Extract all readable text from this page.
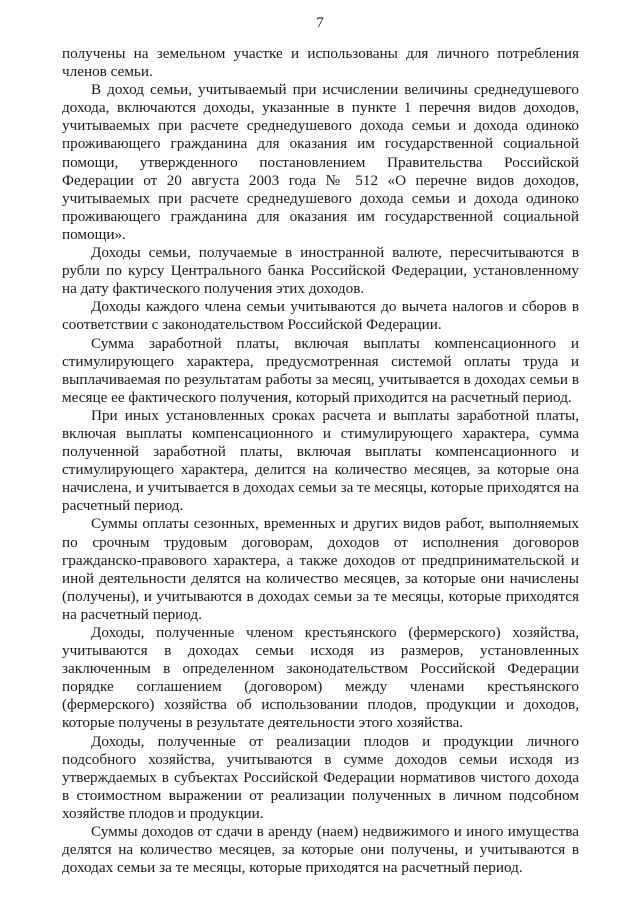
7

получены на земельном участке и использованы для личного потребления членов семьи.

В доход семьи, учитываемый при исчислении величины среднедушевого дохода, включаются доходы, указанные в пункте 1 перечня видов доходов, учитываемых при расчете среднедушевого дохода семьи и дохода одиноко проживающего гражданина для оказания им государственной социальной помощи, утвержденного постановлением Правительства Российской Федерации от 20 августа 2003 года № 512 «О перечне видов доходов, учитываемых при расчете среднедушевого дохода семьи и дохода одиноко проживающего гражданина для оказания им государственной социальной помощи».

Доходы семьи, получаемые в иностранной валюте, пересчитываются в рубли по курсу Центрального банка Российской Федерации, установленному на дату фактического получения этих доходов.

Доходы каждого члена семьи учитываются до вычета налогов и сборов в соответствии с законодательством Российской Федерации.

Сумма заработной платы, включая выплаты компенсационного и стимулирующего характера, предусмотренная системой оплаты труда и выплачиваемая по результатам работы за месяц, учитывается в доходах семьи в месяце ее фактического получения, который приходится на расчетный период.

При иных установленных сроках расчета и выплаты заработной платы, включая выплаты компенсационного и стимулирующего характера, сумма полученной заработной платы, включая выплаты компенсационного и стимулирующего характера, делится на количество месяцев, за которые она начислена, и учитывается в доходах семьи за те месяцы, которые приходятся на расчетный период.

Суммы оплаты сезонных, временных и других видов работ, выполняемых по срочным трудовым договорам, доходов от исполнения договоров гражданско-правового характера, а также доходов от предпринимательской и иной деятельности делятся на количество месяцев, за которые они начислены (получены), и учитываются в доходах семьи за те месяцы, которые приходятся на расчетный период.

Доходы, полученные членом крестьянского (фермерского) хозяйства, учитываются в доходах семьи исходя из размеров, установленных заключенным в определенном законодательством Российской Федерации порядке соглашением (договором) между членами крестьянского (фермерского) хозяйства об использовании плодов, продукции и доходов, которые получены в результате деятельности этого хозяйства.

Доходы, полученные от реализации плодов и продукции личного подсобного хозяйства, учитываются в сумме доходов семьи исходя из утверждаемых в субъектах Российской Федерации нормативов чистого дохода в стоимостном выражении от реализации полученных в личном подсобном хозяйстве плодов и продукции.

Суммы доходов от сдачи в аренду (наем) недвижимого и иного имущества делятся на количество месяцев, за которые они получены, и учитываются в доходах семьи за те месяцы, которые приходятся на расчетный период.
